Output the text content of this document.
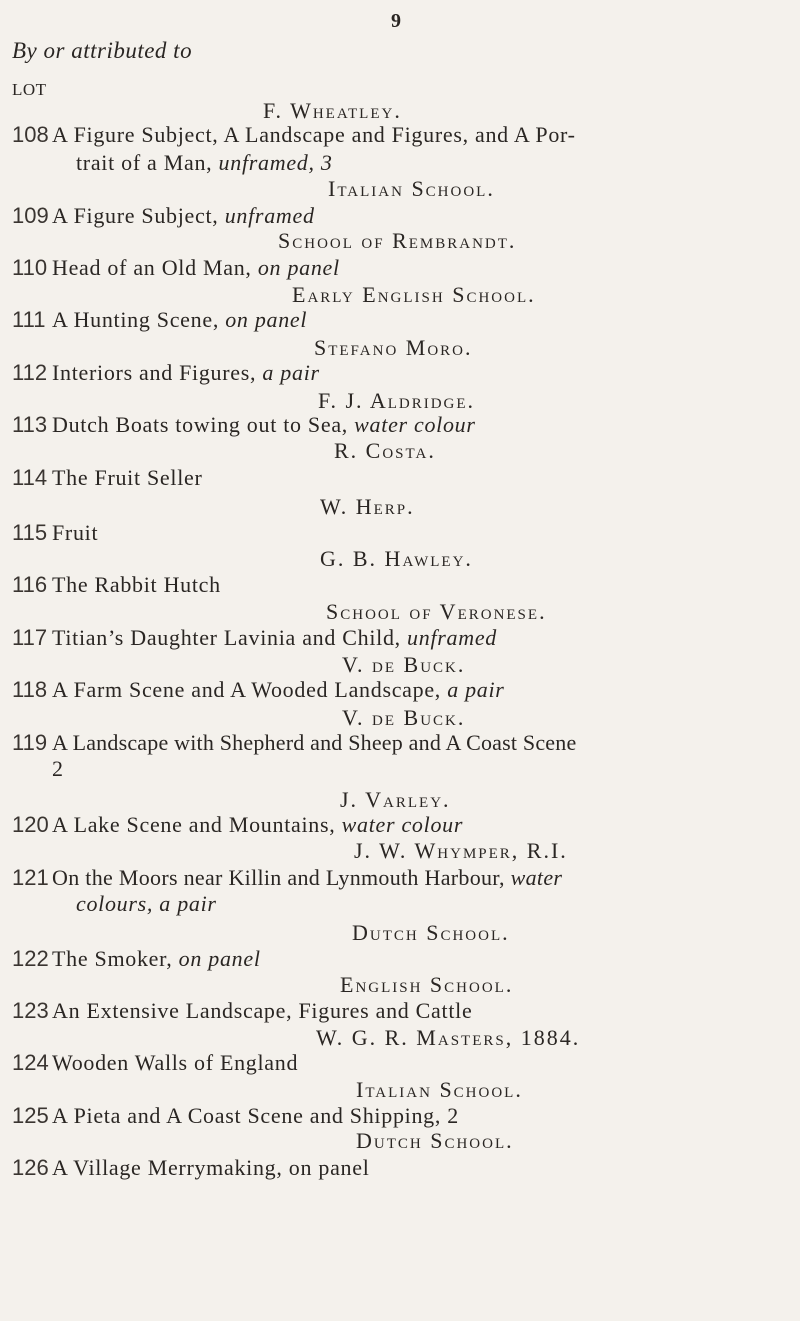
9
By or attributed to
LOT
F. Wheatley.
108 A Figure Subject, A Landscape and Figures, and A Por-
trait of a Man, unframed, 3
Italian School.
109 A Figure Subject, unframed
School of Rembrandt.
110 Head of an Old Man, on panel
Early English School.
111 A Hunting Scene, on panel
Stefano Moro.
112 Interiors and Figures, a pair
F. J. Aldridge.
113 Dutch Boats towing out to Sea, water colour
R. Costa.
114 The Fruit Seller
W. Herp.
115 Fruit
G. B. Hawley.
116 The Rabbit Hutch
School of Veronese.
117 Titian’s Daughter Lavinia and Child, unframed
V. de Buck.
118 A Farm Scene and A Wooded Landscape, a pair
V. de Buck.
119 A Landscape with Shepherd and Sheep and A Coast Scene
2
J. Varley.
120 A Lake Scene and Mountains, water colour
J. W. Whymper, R.I.
121 On the Moors near Killin and Lynmouth Harbour, water
colours, a pair
Dutch School.
122 The Smoker, on panel
English School.
123 An Extensive Landscape, Figures and Cattle
W. G. R. Masters, 1884.
124 Wooden Walls of England
Italian School.
125 A Pieta and A Coast Scene and Shipping, 2
Dutch School.
126 A Village Merrymaking, on panel
